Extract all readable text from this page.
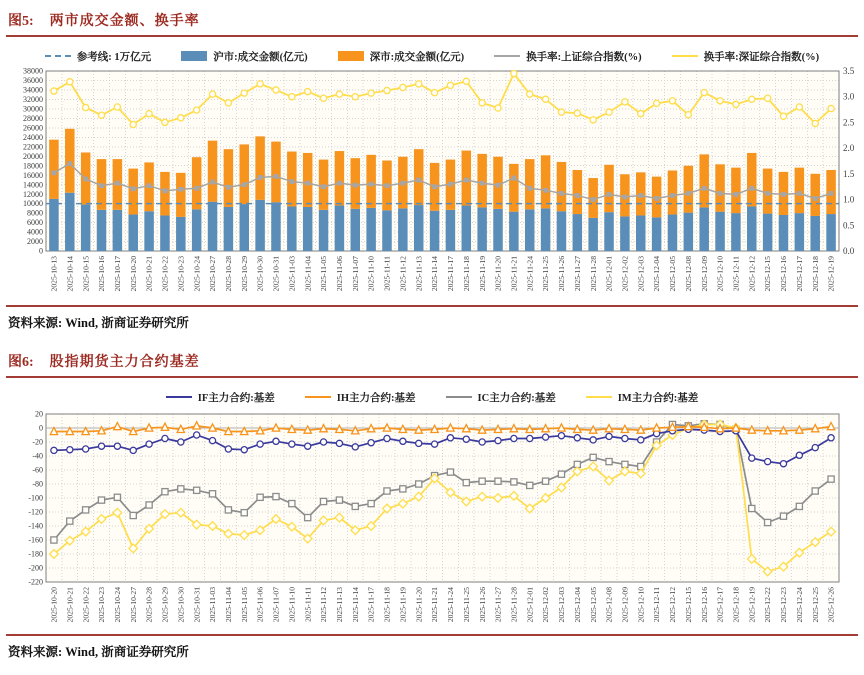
图5: 两市成交金额、换手率
参考线: 1万亿元	沪市:成交金额(亿元)	深市:成交金额(亿元)	换手率:上证综合指数(%)	换手率:深证综合指数(%)
0
2000
4000
6000
8000
10000
12000
14000
16000
18000
20000
22000
24000
26000
28000
30000
32000
34000
36000
38000
0.0
0.5
1.0
1.5
2.0
2.5
3.0
3.5
2025-10-13 2025-10-14 2025-10-15 2025-10-16 2025-10-17 2025-10-20 2025-10-21 2025-10-22 2025-10-23 2025-10-24 2025-10-27 2025-10-28 2025-10-29 2025-10-30 2025-10-31 2025-11-03 2025-11-04 2025-11-05 2025-11-06 2025-11-07 2025-11-10 2025-11-11 2025-11-12 2025-11-13 2025-11-14 2025-11-17 2025-11-18 2025-11-19 2025-11-20 2025-11-21 2025-11-24 2025-11-25 2025-11-26 2025-11-27 2025-11-28 2025-12-01 2025-12-02 2025-12-03 2025-12-04 2025-12-05 2025-12-08 2025-12-09 2025-12-10 2025-12-11 2025-12-12 2025-12-15 2025-12-16 2025-12-17 2025-12-18 2025-12-19
资料来源: Wind, 浙商证券研究所
图6: 股指期货主力合约基差
IF主力合约:基差	IH主力合约:基差	IC主力合约:基差	IM主力合约:基差
-220
-200
-180
-160
-140
-120
-100
-80
-60
-40
-20
0
20
2025-10-20 2025-10-21 2025-10-22 2025-10-23 2025-10-24 2025-10-27 2025-10-28 2025-10-29 2025-10-30 2025-10-31 2025-11-03 2025-11-04 2025-11-05 2025-11-06 2025-11-07 2025-11-10 2025-11-11 2025-11-12 2025-11-13 2025-11-14 2025-11-17 2025-11-18 2025-11-19 2025-11-20 2025-11-21 2025-11-24 2025-11-25 2025-11-26 2025-11-27 2025-11-28 2025-12-01 2025-12-02 2025-12-03 2025-12-04 2025-12-05 2025-12-08 2025-12-09 2025-12-10 2025-12-11 2025-12-12 2025-12-15 2025-12-16 2025-12-17 2025-12-18 2025-12-19 2025-12-22 2025-12-23 2025-12-24 2025-12-25 2025-12-26
资料来源: Wind, 浙商证券研究所
